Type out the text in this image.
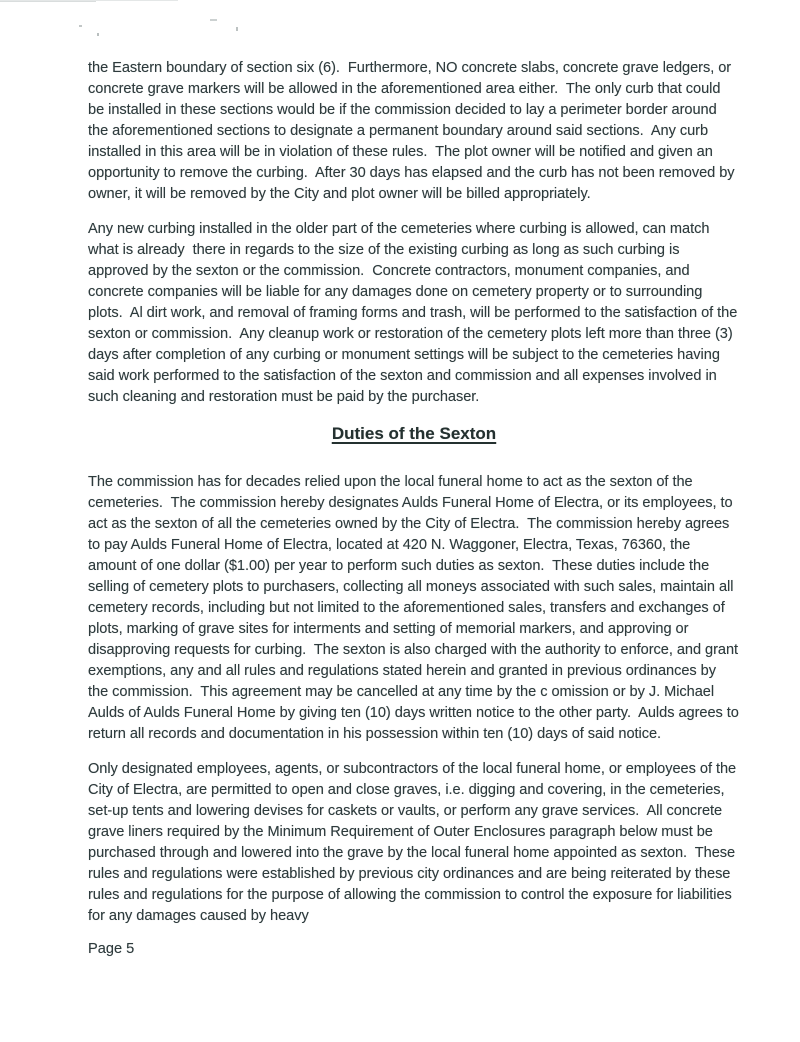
the Eastern boundary of section six (6).  Furthermore, NO concrete slabs, concrete grave ledgers, or concrete grave markers will be allowed in the aforementioned area either.  The only curb that could be installed in these sections would be if the commission decided to lay a perimeter border around the aforementioned sections to designate a permanent boundary around said sections.  Any curb installed in this area will be in violation of these rules.  The plot owner will be notified and given an opportunity to remove the curbing.  After 30 days has elapsed and the curb has not been removed by owner, it will be removed by the City and plot owner will be billed appropriately.

Any new curbing installed in the older part of the cemeteries where curbing is allowed, can match what is already  there in regards to the size of the existing curbing as long as such curbing is approved by the sexton or the commission.  Concrete contractors, monument companies, and concrete companies will be liable for any damages done on cemetery property or to surrounding plots.  Al dirt work, and removal of framing forms and trash, will be performed to the satisfaction of the sexton or commission.  Any cleanup work or restoration of the cemetery plots left more than three (3) days after completion of any curbing or monument settings will be subject to the cemeteries having said work performed to the satisfaction of the sexton and commission and all expenses involved in such cleaning and restoration must be paid by the purchaser.

Duties of the Sexton

The commission has for decades relied upon the local funeral home to act as the sexton of the cemeteries.  The commission hereby designates Aulds Funeral Home of Electra, or its employees, to act as the sexton of all the cemeteries owned by the City of Electra.  The commission hereby agrees to pay Aulds Funeral Home of Electra, located at 420 N. Waggoner, Electra, Texas, 76360, the amount of one dollar ($1.00) per year to perform such duties as sexton.  These duties include the selling of cemetery plots to purchasers, collecting all moneys associated with such sales, maintain all cemetery records, including but not limited to the aforementioned sales, transfers and exchanges of plots, marking of grave sites for interments and setting of memorial markers, and approving or disapproving requests for curbing.  The sexton is also charged with the authority to enforce, and grant exemptions, any and all rules and regulations stated herein and granted in previous ordinances by the commission.  This agreement may be cancelled at any time by the c omission or by J. Michael Aulds of Aulds Funeral Home by giving ten (10) days written notice to the other party.  Aulds agrees to return all records and documentation in his possession within ten (10) days of said notice.

Only designated employees, agents, or subcontractors of the local funeral home, or employees of the City of Electra, are permitted to open and close graves, i.e. digging and covering, in the cemeteries, set-up tents and lowering devises for caskets or vaults, or perform any grave services.  All concrete grave liners required by the Minimum Requirement of Outer Enclosures paragraph below must be purchased through and lowered into the grave by the local funeral home appointed as sexton.  These rules and regulations were established by previous city ordinances and are being reiterated by these rules and regulations for the purpose of allowing the commission to control the exposure for liabilities for any damages caused by heavy

Page 5
